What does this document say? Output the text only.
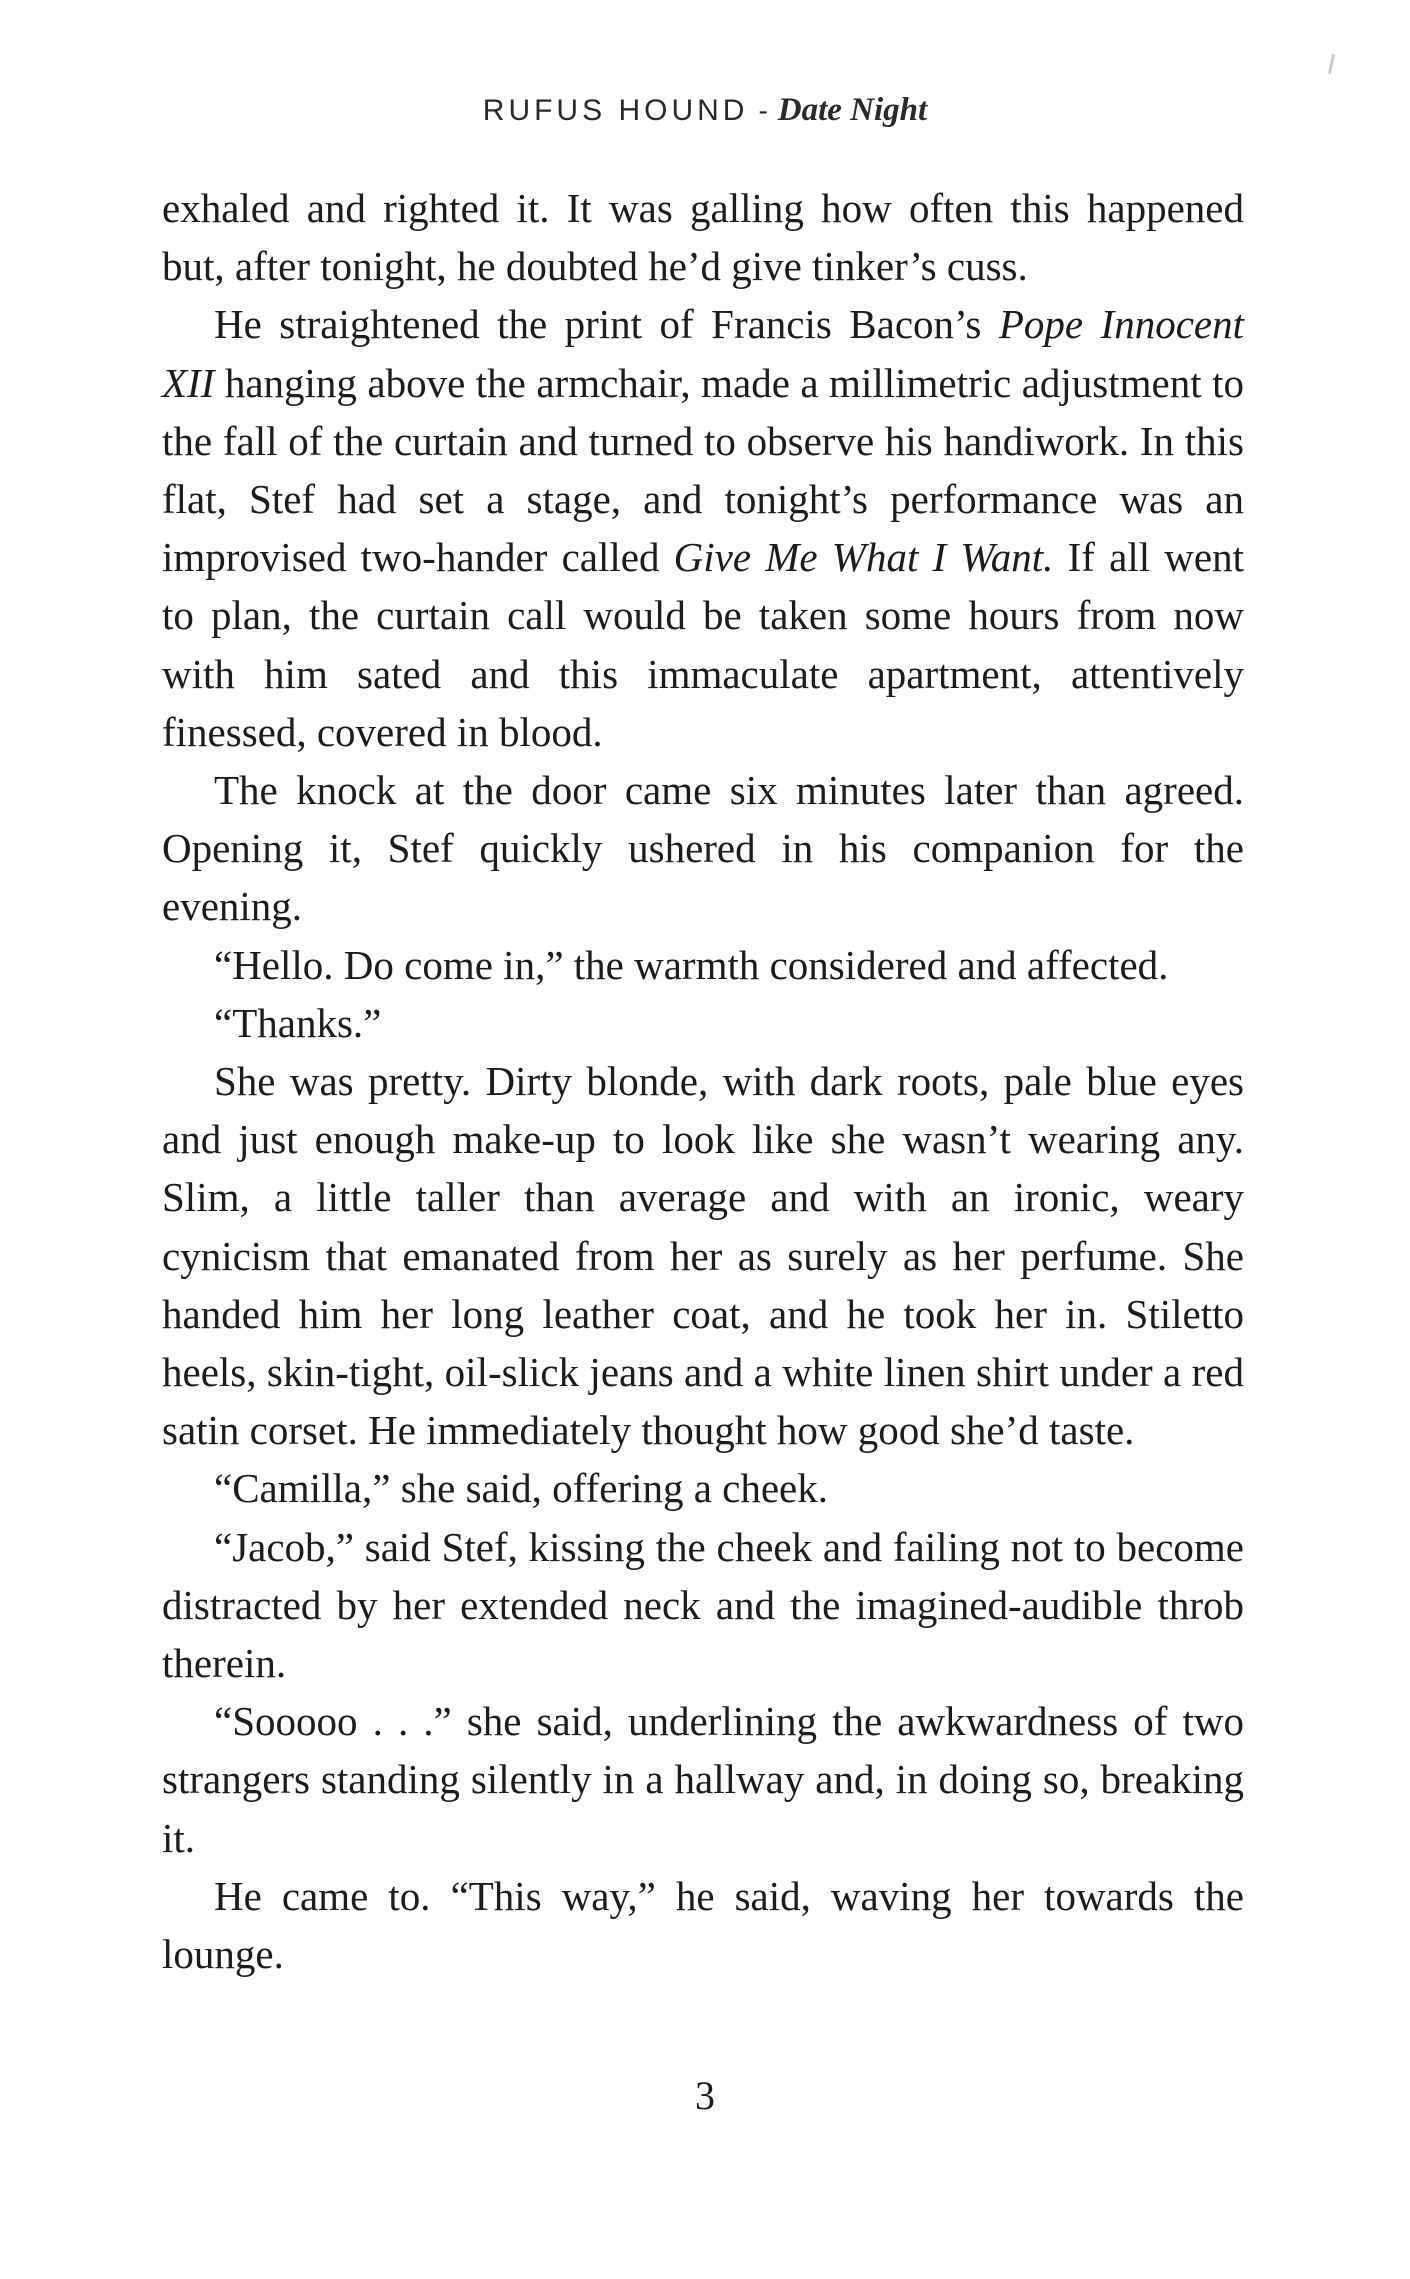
RUFUS HOUND - Date Night

exhaled and righted it. It was galling how often this happened but, after tonight, he doubted he’d give tinker’s cuss.

He straightened the print of Francis Bacon’s Pope Innocent XII hanging above the armchair, made a millimetric adjustment to the fall of the curtain and turned to observe his handiwork. In this flat, Stef had set a stage, and tonight’s performance was an improvised two-hander called Give Me What I Want. If all went to plan, the curtain call would be taken some hours from now with him sated and this immaculate apartment, attentively finessed, covered in blood.

The knock at the door came six minutes later than agreed. Opening it, Stef quickly ushered in his companion for the evening.

“Hello. Do come in,” the warmth considered and affected.

“Thanks.”

She was pretty. Dirty blonde, with dark roots, pale blue eyes and just enough make-up to look like she wasn’t wearing any. Slim, a little taller than average and with an ironic, weary cynicism that emanated from her as surely as her perfume. She handed him her long leather coat, and he took her in. Stiletto heels, skin-tight, oil-slick jeans and a white linen shirt under a red satin corset. He immediately thought how good she’d taste.

“Camilla,” she said, offering a cheek.

“Jacob,” said Stef, kissing the cheek and failing not to become distracted by her extended neck and the imagined-audible throb therein.

“Sooooo . . .” she said, underlining the awkwardness of two strangers standing silently in a hallway and, in doing so, breaking it.

He came to. “This way,” he said, waving her towards the lounge.

3
